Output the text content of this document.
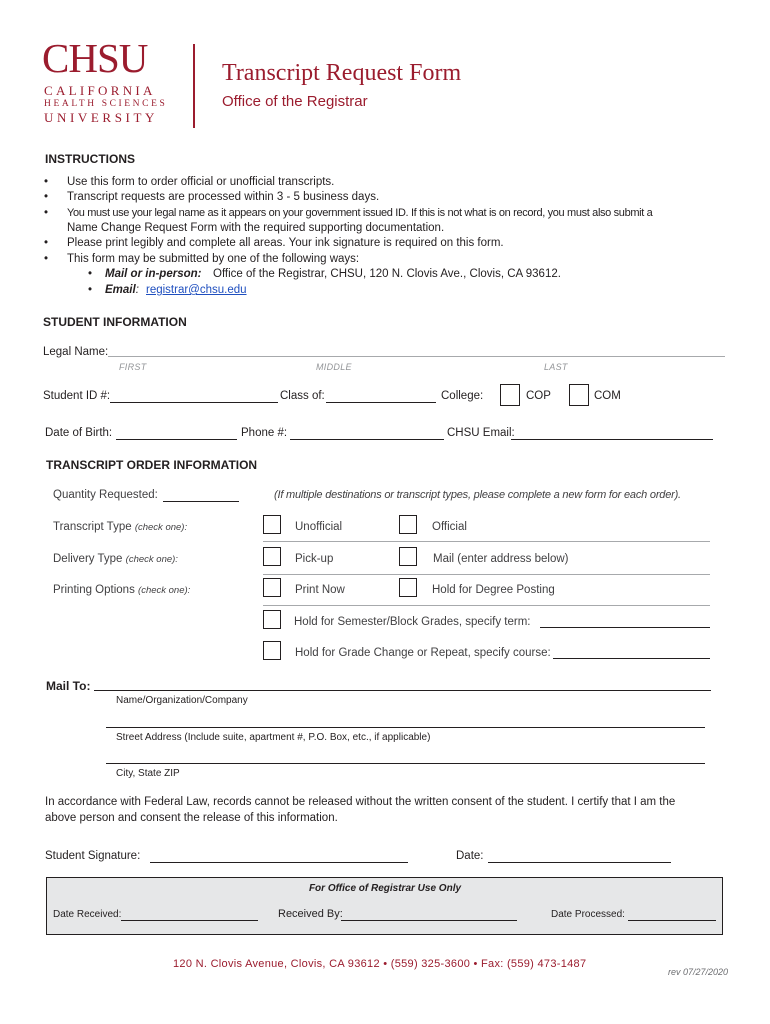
CHSU
CALIFORNIA
HEALTH SCIENCES
UNIVERSITY
Transcript Request Form
Office of the Registrar
INSTRUCTIONS
• Use this form to order official or unofficial transcripts.
• Transcript requests are processed within 3 - 5 business days.
• You must use your legal name as it appears on your government issued ID. If this is not what is on record, you must also submit a
Name Change Request Form with the required supporting documentation.
• Please print legibly and complete all areas. Your ink signature is required on this form.
• This form may be submitted by one of the following ways:
• Mail or in-person: Office of the Registrar, CHSU, 120 N. Clovis Ave., Clovis, CA 93612.
• Email: registrar@chsu.edu
STUDENT INFORMATION
Legal Name:
FIRST	MIDDLE	LAST
Student ID #:	Class of:	College:	COP	COM
Date of Birth:	Phone #:	CHSU Email:
TRANSCRIPT ORDER INFORMATION
Quantity Requested:	(If multiple destinations or transcript types, please complete a new form for each order).
Transcript Type (check one):	Unofficial	Official
Delivery Type (check one):	Pick-up	Mail (enter address below)
Printing Options (check one):	Print Now	Hold for Degree Posting
Hold for Semester/Block Grades, specify term:
Hold for Grade Change or Repeat, specify course:
Mail To:
Name/Organization/Company
Street Address (Include suite, apartment #, P.O. Box, etc., if applicable)
City, State ZIP
In accordance with Federal Law, records cannot be released without the written consent of the student. I certify that I am the
above person and consent the release of this information.
Student Signature:	Date:
For Office of Registrar Use Only
Date Received:	Received By:	Date Processed:
120 N. Clovis Avenue, Clovis, CA 93612 • (559) 325-3600 • Fax: (559) 473-1487
rev 07/27/2020
